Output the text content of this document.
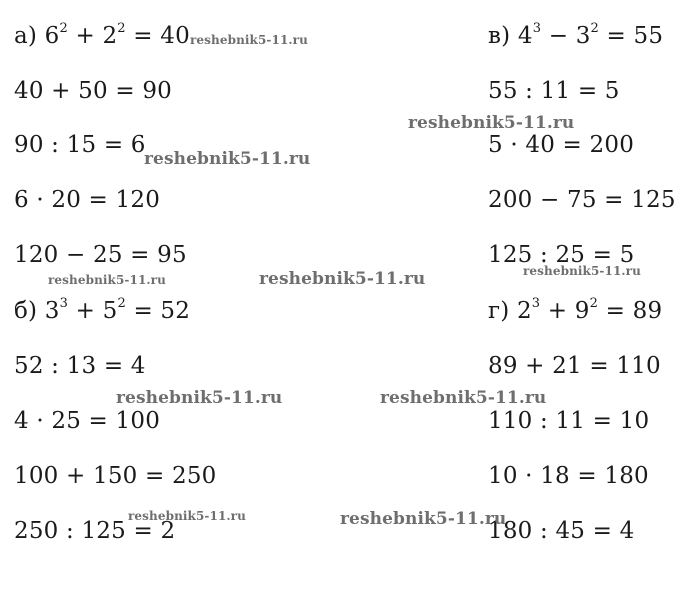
а) $6^2 + 2^2 = 40$
40 + 50 = 90
90 : 15 = 6
6 · 20 = 120
120 − 25 = 95
б) $3^3 + 5^2 = 52$
52 : 13 = 4
4 · 25 = 100
100 + 150 = 250
250 : 125 = 2
в) $4^3 - 3^2 = 55$
55 : 11 = 5
5 · 40 = 200
200 − 75 = 125
125 : 25 = 5
г) $2^3 + 9^2 = 89$
89 + 21 = 110
110 : 11 = 10
10 · 18 = 180
180 : 45 = 4
reshebnik5-11.ru
reshebnik5-11.ru
reshebnik5-11.ru
reshebnik5-11.ru
reshebnik5-11.ru
reshebnik5-11.ru
reshebnik5-11.ru	reshebnik5-11.ru
reshebnik5-11.ru	reshebnik5-11.ru
